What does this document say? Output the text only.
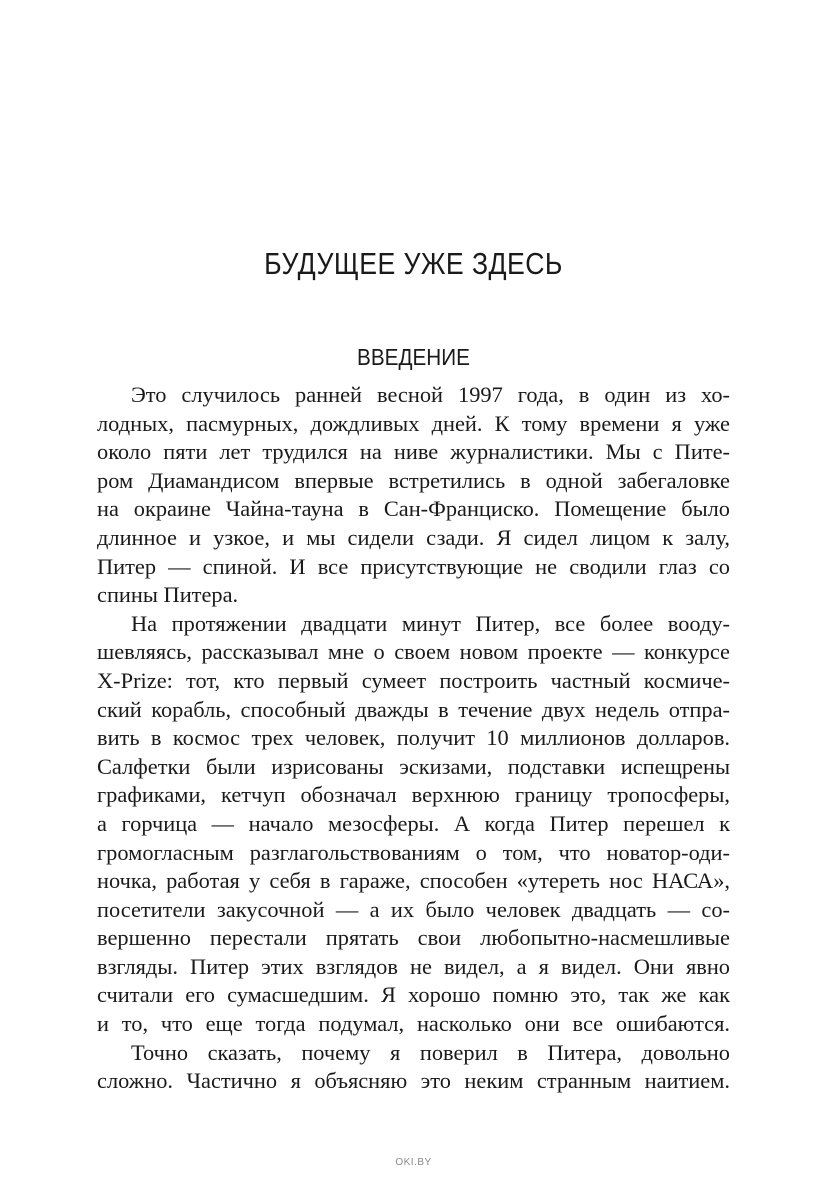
БУДУЩЕЕ УЖЕ ЗДЕСЬ
ВВЕДЕНИЕ
Это случилось ранней весной 1997 года, в один из хо-
лодных, пасмурных, дождливых дней. К тому времени я уже
около пяти лет трудился на ниве журналистики. Мы с Пите-
ром Диамандисом впервые встретились в одной забегаловке
на окраине Чайна-тауна в Сан-Франциско. Помещение было
длинное и узкое, и мы сидели сзади. Я сидел лицом к залу,
Питер — спиной. И все присутствующие не сводили глаз со
спины Питера.
На протяжении двадцати минут Питер, все более вооду-
шевляясь, рассказывал мне о своем новом проекте — конкурсе
X-Prize: тот, кто первый сумеет построить частный космиче-
ский корабль, способный дважды в течение двух недель отпра-
вить в космос трех человек, получит 10 миллионов долларов.
Салфетки были изрисованы эскизами, подставки испещрены
графиками, кетчуп обозначал верхнюю границу тропосферы,
а горчица — начало мезосферы. А когда Питер перешел к
громогласным разглагольствованиям о том, что новатор-оди-
ночка, работая у себя в гараже, способен «утереть нос НАСА»,
посетители закусочной — а их было человек двадцать — со-
вершенно перестали прятать свои любопытно-насмешливые
взгляды. Питер этих взглядов не видел, а я видел. Они явно
считали его сумасшедшим. Я хорошо помню это, так же как
и то, что еще тогда подумал, насколько они все ошибаются.
Точно сказать, почему я поверил в Питера, довольно
сложно. Частично я объясняю это неким странным наитием.
OKI.BY
